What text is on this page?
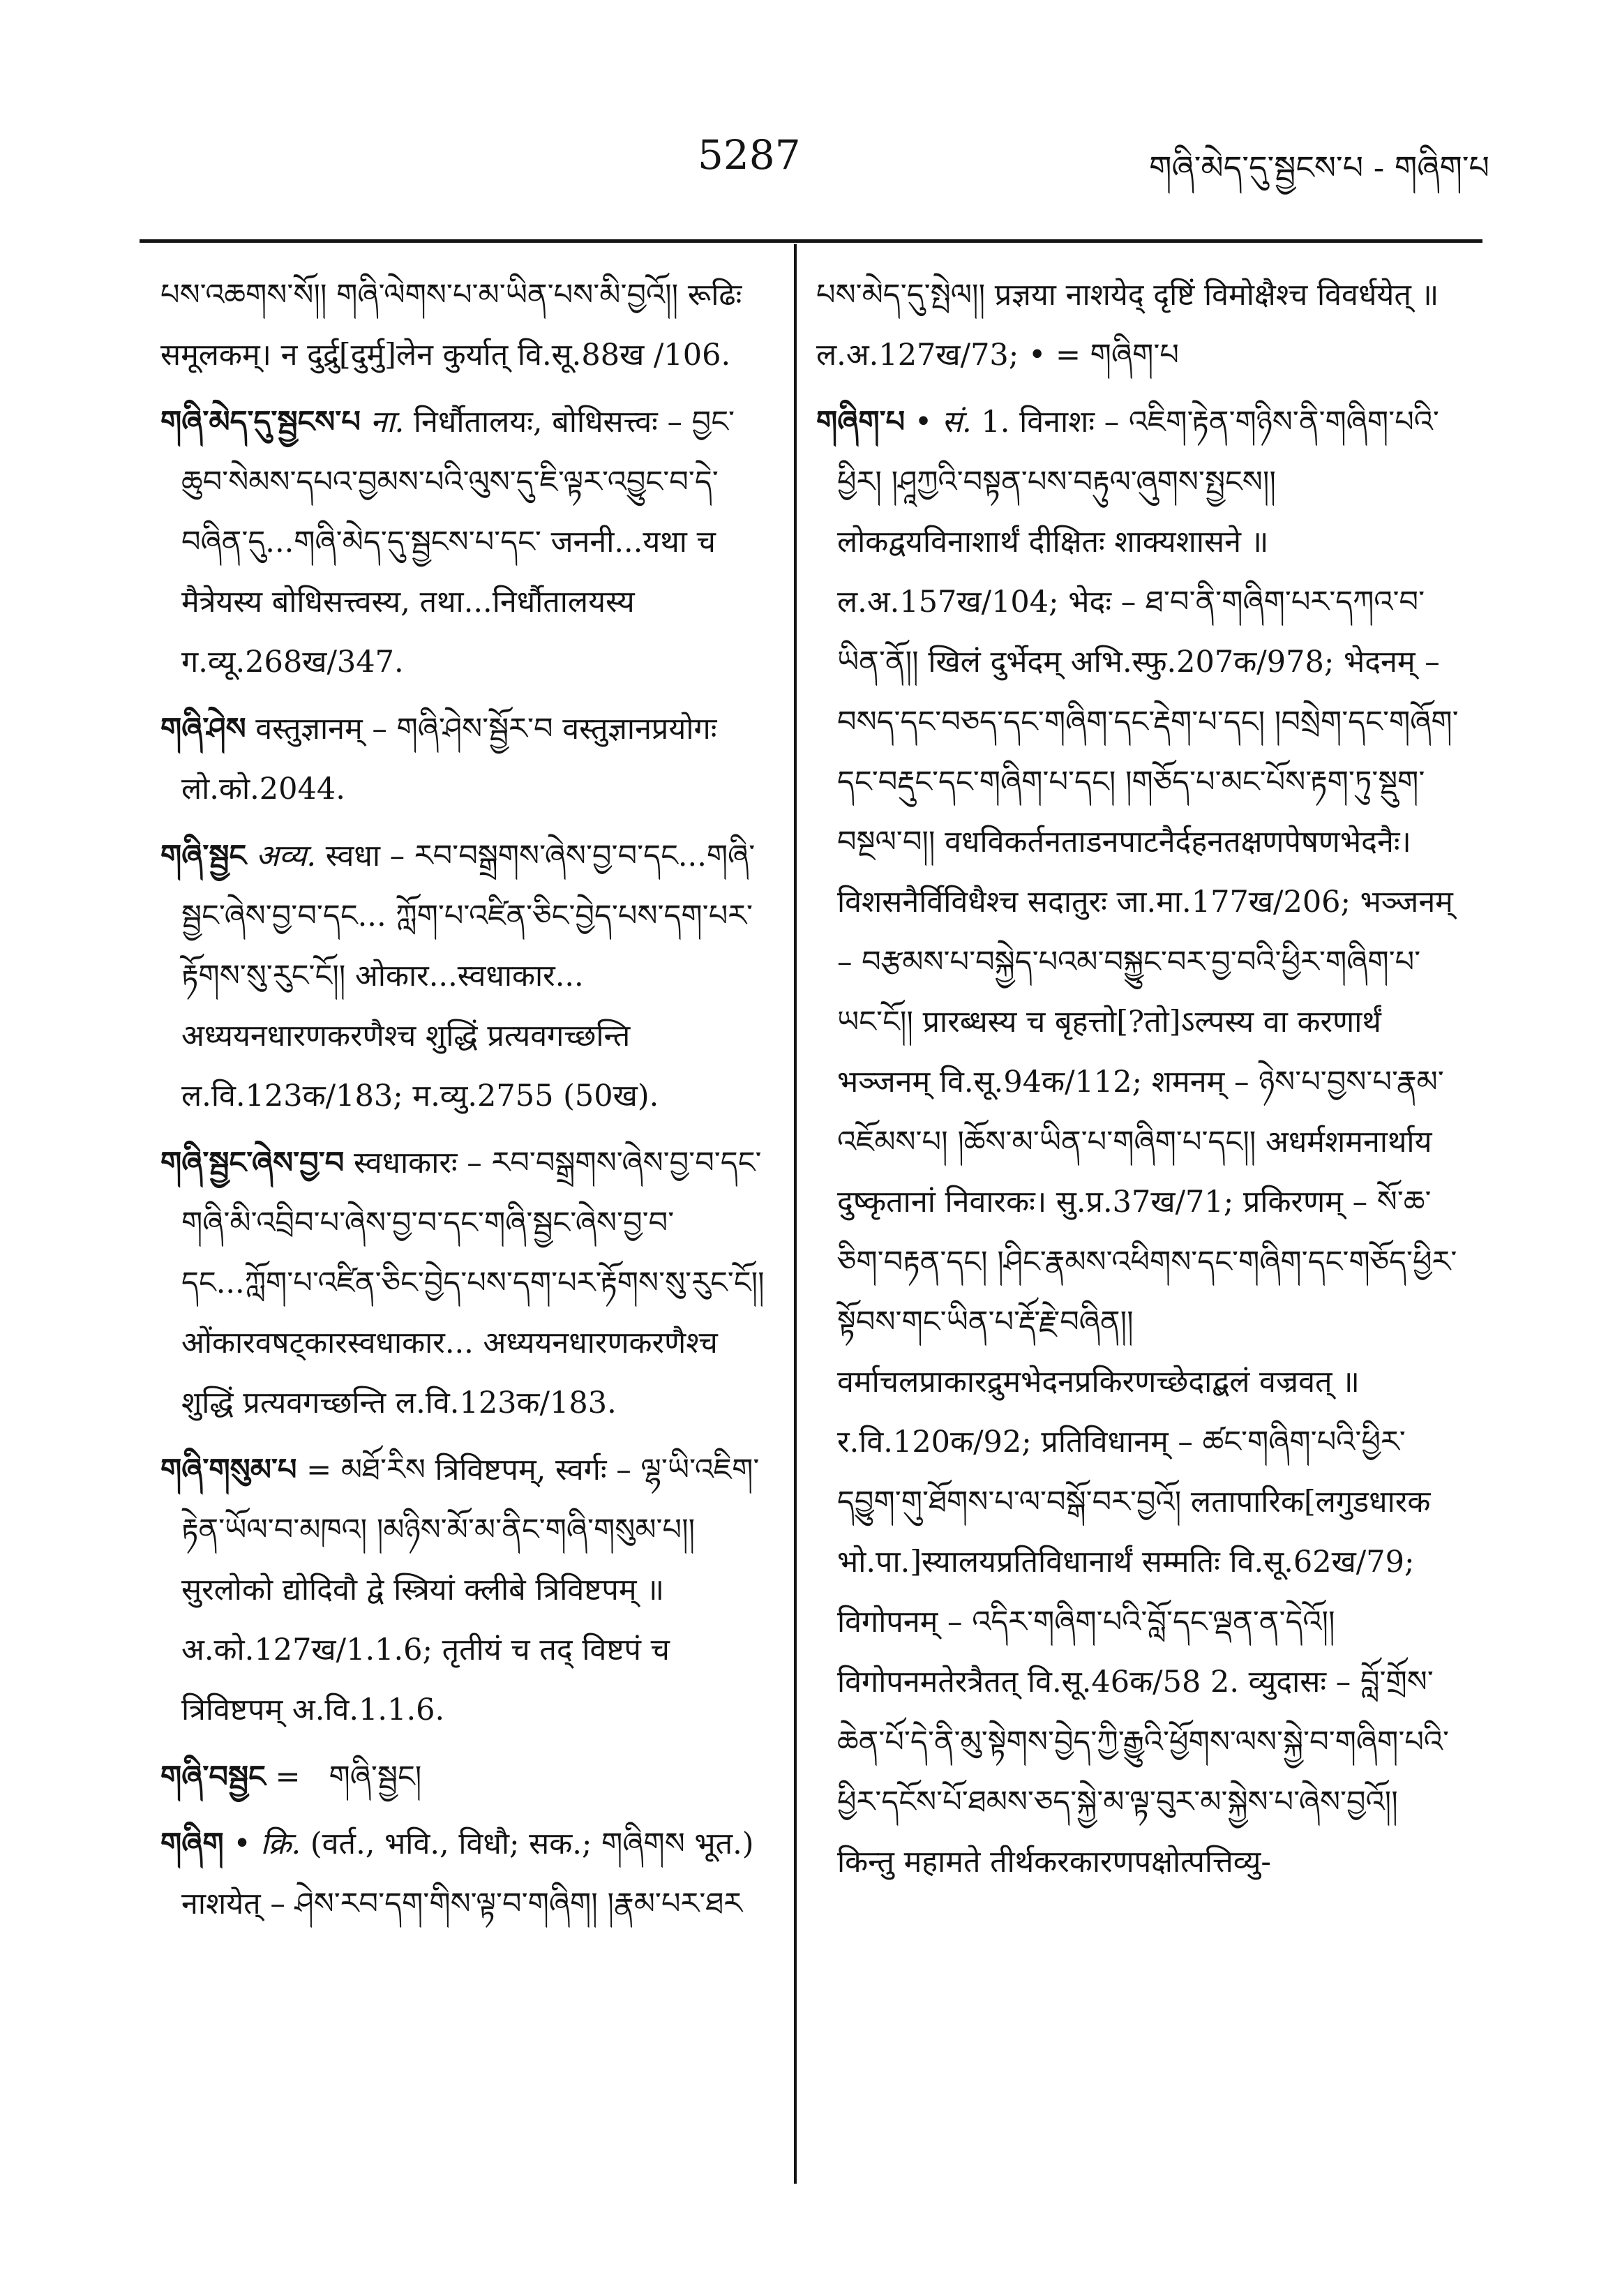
5287	གཞི་མེད་དུ་སྦྱངས་པ - གཞིག་པ

པས་འཆགས་སོ།། གཞི་ལེགས་པ་མ་ཡིན་པས་མི་བྱའོ།། रूढिः समूलकम्। न दुर्द्रु[दुर्मु]लेन कुर्यात् वि.सू.88ख /106.

གཞི་མེད་དུ་སྦྱངས་པ ना. निर्धौतालयः, बोधिसत्त्वः – བྱང་ཆུབ་སེམས་དཔའ་བྱམས་པའི་ལུས་དུ་ཇི་ལྟར་འབྱུང་བ་དེ་བཞིན་དུ...གཞི་མེད་དུ་སྦྱངས་པ་དང་ जननी...यथा च मैत्रेयस्य बोधिसत्त्वस्य, तथा...निर्धौतालयस्य ग.व्यू.268ख/347.

གཞི་ཤེས वस्तुज्ञानम् – གཞི་ཤེས་སྦྱོར་བ वस्तुज्ञानप्रयोगः लो.को.2044.

གཞི་སྦྱང अव्य. स्वधा – རབ་བསྒྲགས་ཞེས་བྱ་བ་དང...གཞི་སྦྱང་ཞེས་བྱ་བ་དང... ཀློག་པ་འཛིན་ཅིང་བྱེད་པས་དག་པར་རྟོགས་སུ་རུང་ངོ།། ओकार...स्वधाकार... अध्ययनधारणकरणैश्च शुद्धिं प्रत्यवगच्छन्ति ल.वि.123क/183; म.व्यु.2755 (50ख).

གཞི་སྦྱང་ཞེས་བྱ་བ स्वधाकारः – རབ་བསྒྲགས་ཞེས་བྱ་བ་དང་གཞི་མི་འབྲིབ་པ་ཞེས་བྱ་བ་དང་གཞི་སྦྱང་ཞེས་བྱ་བ་དང...ཀློག་པ་འཛིན་ཅིང་བྱེད་པས་དག་པར་རྟོགས་སུ་རུང་ངོ།། ओंकारवषट्कारस्वधाकार... अध्ययनधारणकरणैश्च शुद्धिं प्रत्यवगच्छन्ति ल.वि.123क/183.

གཞི་གསུམ་པ = མཐོ་རིས त्रिविष्टपम्, स्वर्गः – ལྷ་ཡི་འཇིག་རྟེན་ཡོལ་བ་མཁའ། །མཉིས་མོ་མ་ནིང་གཞི་གསུམ་པ།། सुरलोको द्योदिवौ द्वे स्त्रियां क्लीबे त्रिविष्टपम् ॥ अ.को.127ख/1.1.6; तृतीयं च तद् विष्टपं च त्रिविष्टपम् अ.वि.1.1.6.

གཞི་བསྦྱང =   གཞི་སྦྱང།

གཞིག • क्रि. (वर्त., भवि., विधौ; सक.; གཞིགས भूत.) नाशयेत् – ཤེས་རབ་དག་གིས་ལྟ་བ་གཞིག། །རྣམ་པར་ཐར

པས་མེད་དུ་སྤེལ།། प्रज्ञया नाशयेद् दृष्टिं विमोक्षैश्च विवर्धयेत् ॥ ल.अ.127ख/73; • = གཞིག་པ

གཞིག་པ • सं. 1. विनाशः – འཇིག་རྟེན་གཉིས་ནི་གཞིག་པའི་ཕྱིར། །ཤཱཀྱའི་བསྟན་པས་བརྟུལ་ཞུགས་སྤྱངས།། लोकद्वयविनाशार्थं दीक्षितः शाक्यशासने ॥ ल.अ.157ख/104; भेदः – ཐ་བ་ནི་གཞིག་པར་དཀའ་བ་ཡིན་ནོ།། खिलं दुर्भेदम् अभि.स्फु.207क/978; भेदनम् – བསད་དང་བཅད་དང་གཞིག་དང་རྡེག་པ་དང། །བསྲེག་དང་གཞོག་དང་བརྡུང་དང་གཞིག་པ་དང། །གཅོད་པ་མང་པོས་རྟག་ཏུ་སྡུག་བསྔལ་བ།། वधविकर्तनताडनपाटनैर्दहनतक्षणपेषणभेदनैः। विशसनैर्विविधैश्च सदातुरः जा.मा.177ख/206; भञ्जनम् – བརྩམས་པ་བསྐྱེད་པའམ་བསྐྱུང་བར་བྱ་བའི་ཕྱིར་གཞིག་པ་ཡང་ངོ།། प्रारब्धस्य च बृहत्तो[?तो]ऽल्पस्य वा करणार्थं भञ्जनम् वि.सू.94क/112; शमनम् – ཉེས་པ་བྱས་པ་རྣམ་འཇོམས་པ། །ཆོས་མ་ཡིན་པ་གཞིག་པ་དང།། अधर्मशमनार्थाय दुष्कृतानां निवारकः। सु.प्र.37ख/71; प्रकिरणम् – སོ་ཆ་ཅིག་བརྟན་དང། །ཤིང་རྣམས་འཕིགས་དང་གཞིག་དང་གཅོད་ཕྱིར་སྟོབས་གང་ཡིན་པ་རྡོ་རྗེ་བཞིན།། वर्माचलप्राकारद्रुमभेदनप्रकिरणच्छेदाद्बलं वज्रवत् ॥ र.वि.120क/92; प्रतिविधानम् – ཚང་གཞིག་པའི་ཕྱིར་དབྱུག་གུ་ཐོགས་པ་ལ་བསྒོ་བར་བྱའོ། लतापारिक[लगुडधारक भो.पा.]स्यालयप्रतिविधानार्थं सम्मतिः वि.सू.62ख/79; विगोपनम् – འདིར་གཞིག་པའི་བློ་དང་ལྡན་ན་དེའོ།། विगोपनमतेरत्रैतत् वि.सू.46क/58 2. व्युदासः – བློ་གྲོས་ཆེན་པོ་དེ་ནི་མུ་སྟེགས་བྱེད་ཀྱི་རྒྱུའི་ཕྱོགས་ལས་སྐྱེ་བ་གཞིག་པའི་ཕྱིར་དངོས་པོ་ཐམས་ཅད་སྐྱེ་མ་ལྟ་བུར་མ་སྐྱེས་པ་ཞེས་བྱའོ།། किन्तु महामते तीर्थकरकारणपक्षोत्पत्तिव्यु-
